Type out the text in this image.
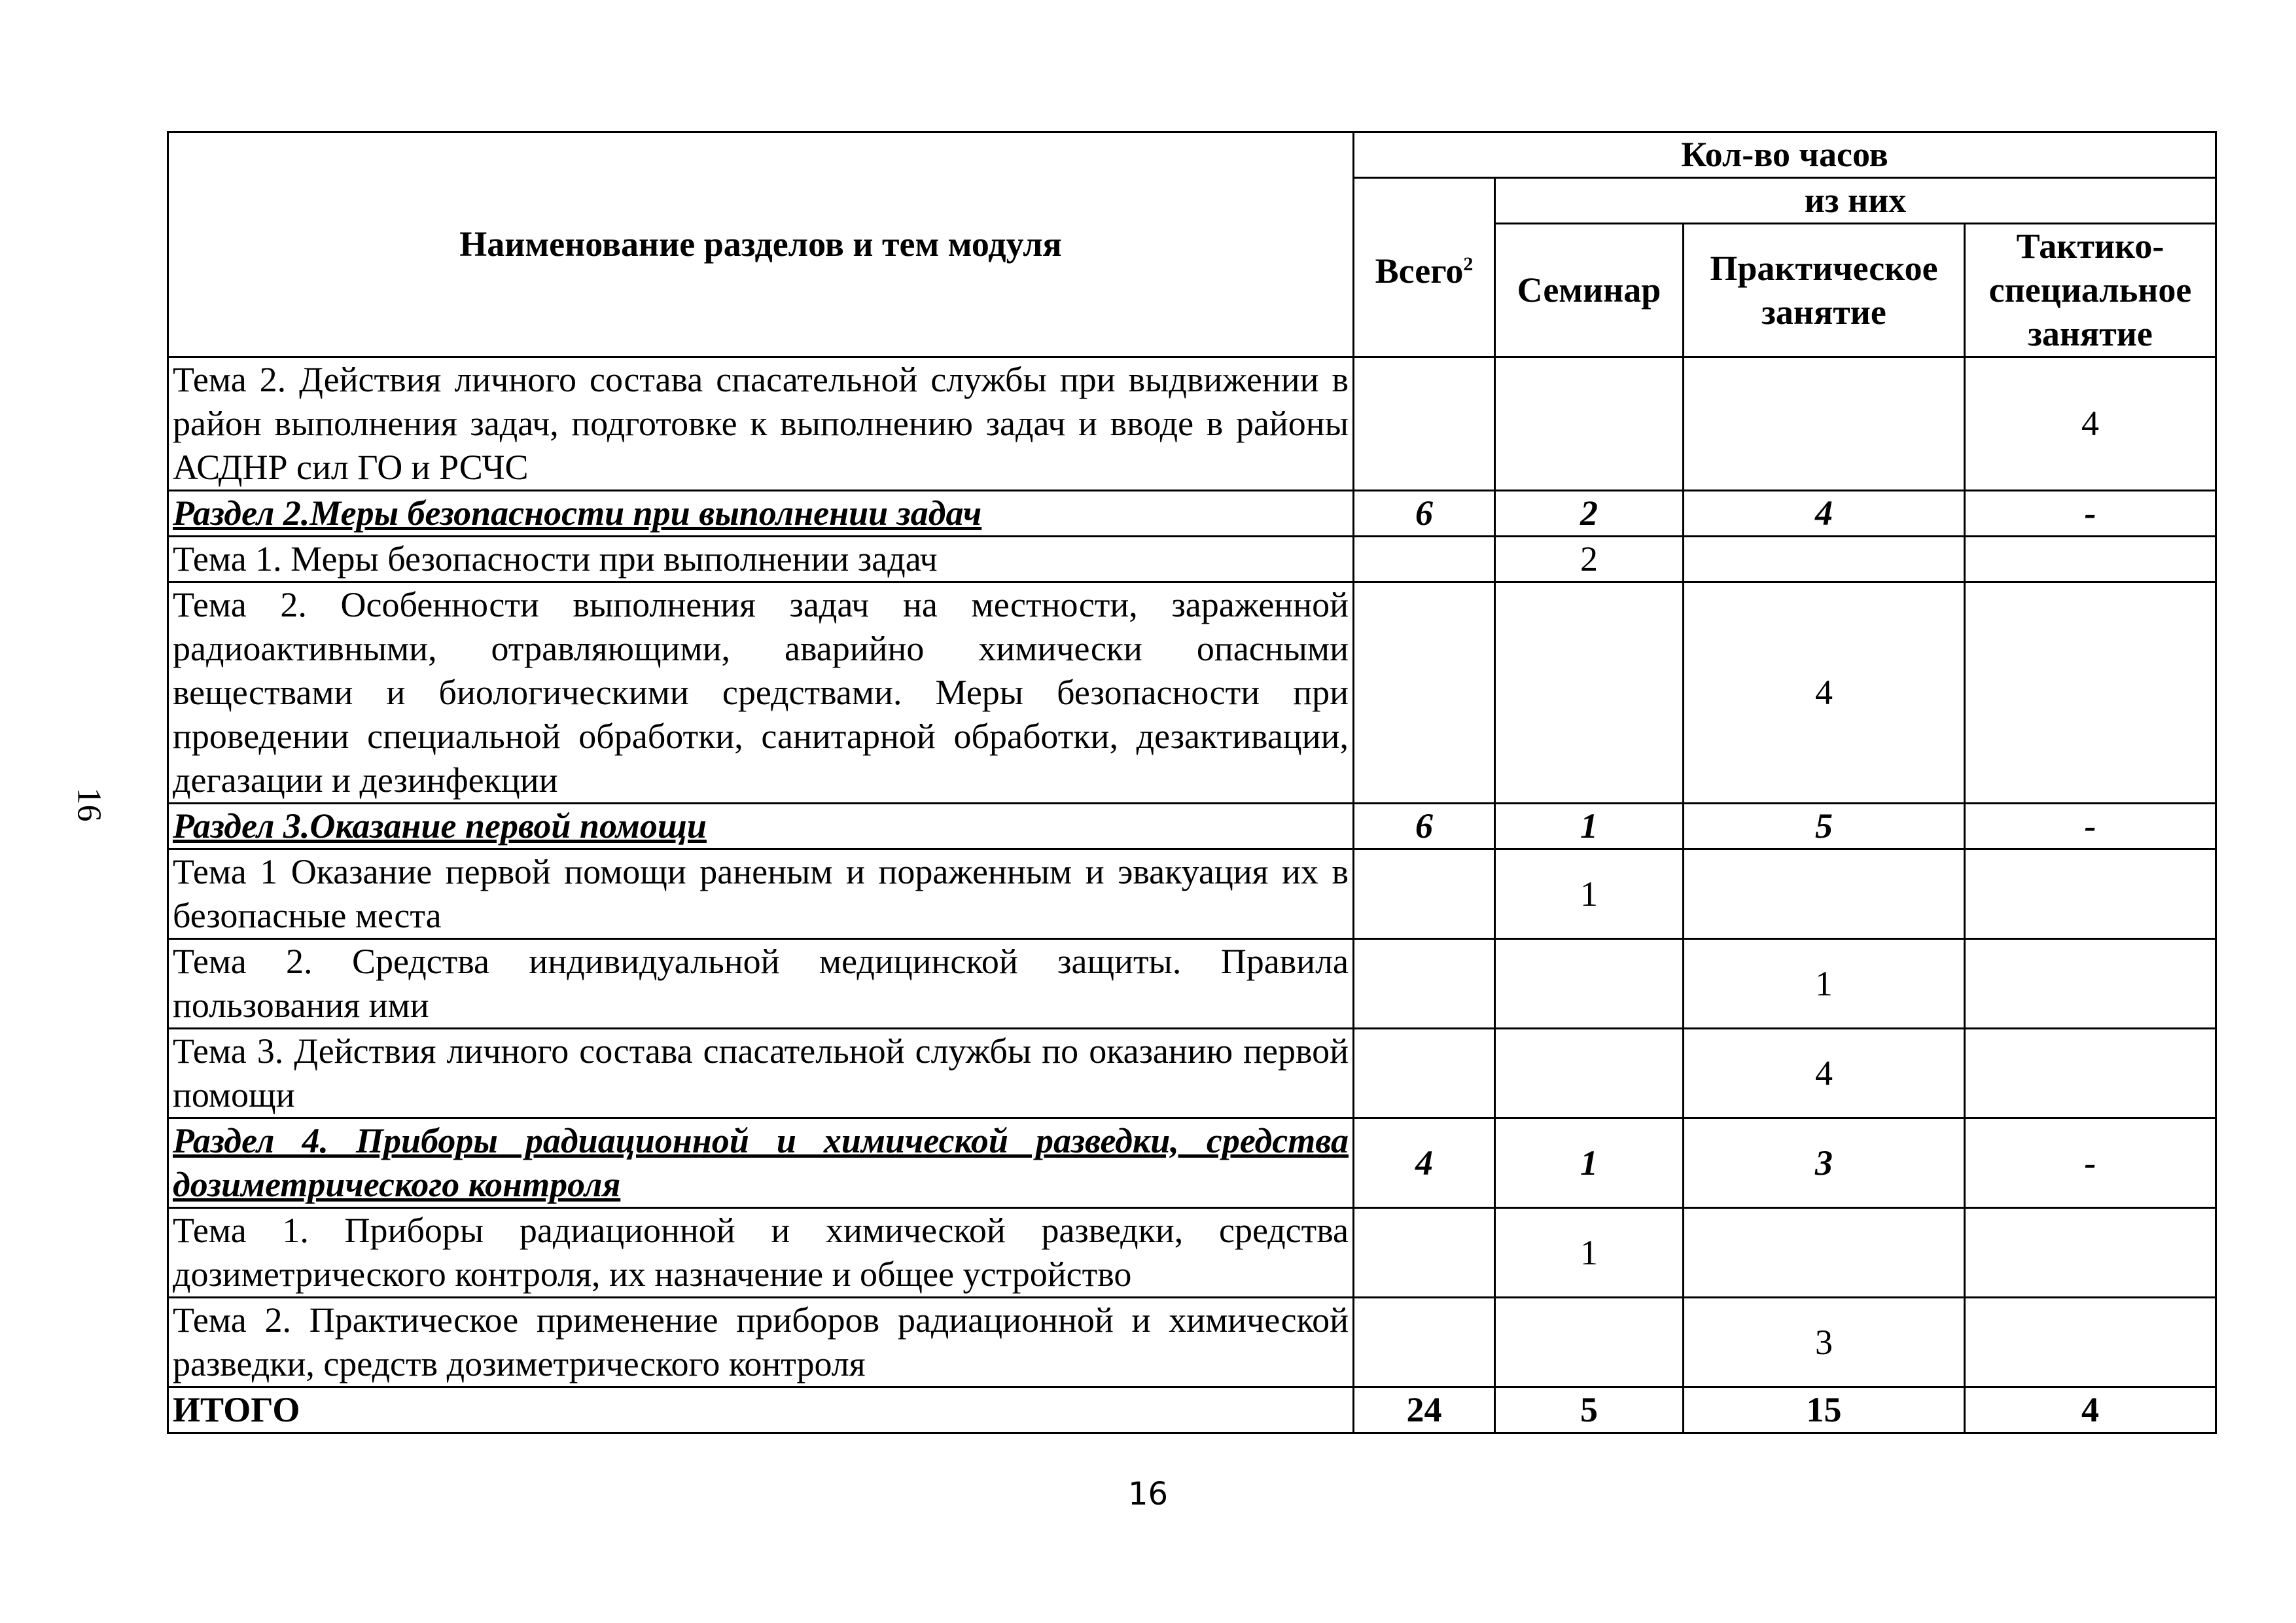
16
Наименование разделов и тем модуля	Кол-во часов			
	Всего$^2$	из них		
		Семинар	Практическое занятие	Тактико-специальное занятие
Тема 2. Действия личного состава спасательной службы при выдвижении в район выполнения задач, подготовке к выполнению задач и вводе в районы АСДНР сил ГО и РСЧС				4
Раздел 2.Меры безопасности при выполнении задач	6	2	4	-
Тема 1. Меры безопасности при выполнении задач		2		
Тема 2. Особенности выполнения задач на местности, зараженной радиоактивными, отравляющими, аварийно химически опасными веществами и биологическими средствами. Меры безопасности при проведении специальной обработки, санитарной обработки, дезактивации, дегазации и дезинфекции			4	
Раздел 3.Оказание первой помощи	6	1	5	-
Тема 1 Оказание первой помощи раненым и пораженным и эвакуация их в безопасные места		1		
Тема 2. Средства индивидуальной медицинской защиты. Правила пользования ими			1	
Тема 3. Действия личного состава спасательной службы по оказанию первой помощи			4	
Раздел 4. Приборы радиационной и химической разведки, средства дозиметрического контроля	4	1	3	-
Тема 1. Приборы радиационной и химической разведки, средства дозиметрического контроля, их назначение и общее устройство		1		
Тема 2. Практическое применение приборов радиационной и химической разведки, средств дозиметрического контроля			3	
ИТОГО	24	5	15	4
16
